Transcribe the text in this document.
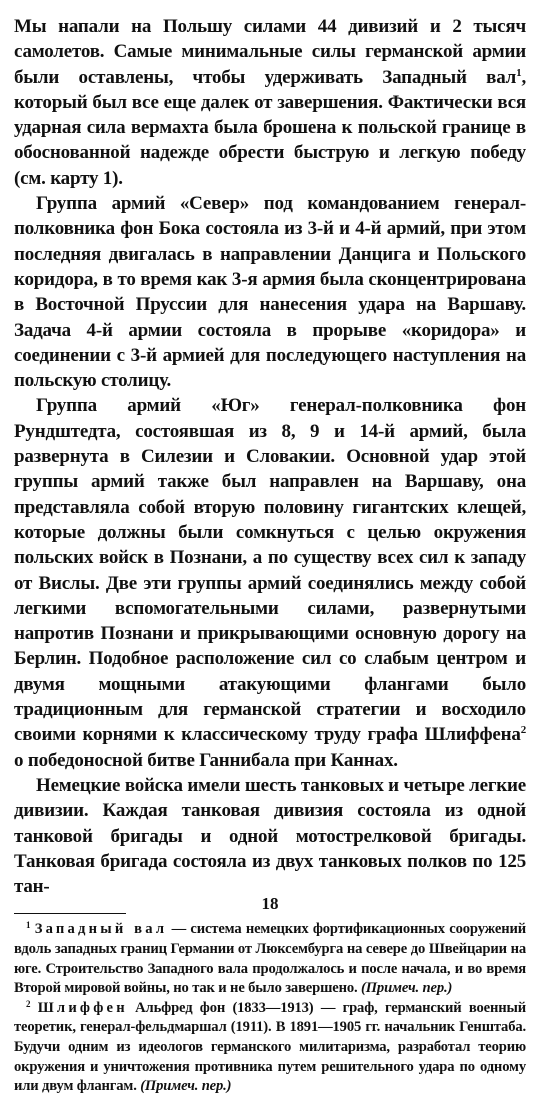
Мы напали на Польшу силами 44 дивизий и 2 тысяч самолетов. Самые минимальные силы германской армии были оставлены, чтобы удерживать Западный вал$^1$, который был все еще далек от завершения. Фактически вся ударная сила вермахта была брошена к польской границе в обоснованной надежде обрести быструю и легкую победу (см. карту 1).

Группа армий «Север» под командованием генерал-полковника фон Бока состояла из 3-й и 4-й армий, при этом последняя двигалась в направлении Данцига и Польского коридора, в то время как 3-я армия была сконцентрирована в Восточной Пруссии для нанесения удара на Варшаву. Задача 4-й армии состояла в прорыве «коридора» и соединении с 3-й армией для последующего наступления на польскую столицу.

Группа армий «Юг» генерал-полковника фон Рундштедта, состоявшая из 8, 9 и 14-й армий, была развернута в Силезии и Словакии. Основной удар этой группы армий также был направлен на Варшаву, она представляла собой вторую половину гигантских клещей, которые должны были сомкнуться с целью окружения польских войск в Познани, а по существу всех сил к западу от Вислы. Две эти группы армий соединялись между собой легкими вспомогательными силами, развернутыми напротив Познани и прикрывающими основную дорогу на Берлин. Подобное расположение сил со слабым центром и двумя мощными атакующими флангами было традиционным для германской стратегии и восходило своими корнями к классическому труду графа Шлиффена$^2$ о победоносной битве Ганнибала при Каннах.

Немецкие войска имели шесть танковых и четыре легкие дивизии. Каждая танковая дивизия состояла из одной танковой бригады и одной мотострелковой бригады. Танковая бригада состояла из двух танковых полков по 125 тан-

$^1$ Западный вал — система немецких фортификационных сооружений вдоль западных границ Германии от Люксембурга на севере до Швейцарии на юге. Строительство Западного вала продолжалось и после начала, и во время Второй мировой войны, но так и не было завершено. (Примеч. пер.)

$^2$ Шлиффен Альфред фон (1833—1913) — граф, германский военный теоретик, генерал-фельдмаршал (1911). В 1891—1905 гг. начальник Генштаба. Будучи одним из идеологов германского милитаризма, разработал теорию окружения и уничтожения противника путем решительного удара по одному или двум флангам. (Примеч. пер.)

18
